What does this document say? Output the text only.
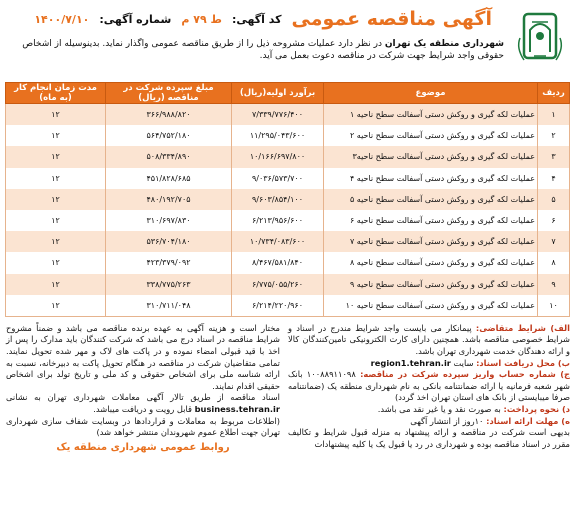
آگهی مناقصه عمومی
کد آگهی:
ط ۷۹ م
شماره آگهی:
۱۴۰۰/۷/۱۰
شهرداری منطقه یک تهران در نظر دارد عملیات مشروحه ذیل را از طریق مناقصه عمومی واگذار نماید. بدینوسیله از اشخاص حقوقی واجد شرایط جهت شرکت در مناقصه دعوت بعمل می آید.
ردیف	موضوع	برآورد اولیه(ریال)	مبلغ سپرده شرکت در مناقصه (ریال)	مدت زمان انجام کار (به ماه)
۱	عملیات لکه گیری و روکش دستی آسفالت سطح ناحیه ۱	۷/۳۳۹/۷۷۶/۴۰۰	۳۶۶/۹۸۸/۸۲۰	۱۲
۲	عملیات لکه گیری و روکش دستی آسفالت سطح ناحیه ۲	۱۱/۲۹۵/۰۴۳/۶۰۰	۵۶۴/۷۵۲/۱۸۰	۱۲
۳	عملیات لکه گیری و روکش دستی آسفالت سطح ناحیه۳	۱۰/۱۶۶/۶۹۷/۸۰۰	۵۰۸/۳۳۴/۸۹۰	۱۲
۴	عملیات لکه گیری و روکش دستی آسفالت سطح ناحیه ۴	۹/۰۳۶/۵۷۳/۷۰۰	۴۵۱/۸۲۸/۶۸۵	۱۲
۵	عملیات لکه گیری و روکش دستی آسفالت سطح ناحیه ۵	۹/۶۰۳/۸۵۴/۱۰۰	۴۸۰/۱۹۲/۷۰۵	۱۲
۶	عملیات لکه گیری و روکش دستی آسفالت سطح ناحیه ۶	۶/۲۱۳/۹۵۶/۶۰۰	۳۱۰/۶۹۷/۸۳۰	۱۲
۷	عملیات لکه گیری و روکش دستی آسفالت سطح ناحیه ۷	۱۰/۷۳۴/۰۸۳/۶۰۰	۵۳۶/۷۰۴/۱۸۰	۱۲
۸	عملیات لکه گیری و روکش دستی آسفالت سطح ناحیه ۸	۸/۴۶۷/۵۸۱/۸۴۰	۴۲۳/۳۷۹/۰۹۲	۱۲
۹	عملیات لکه گیری و روکش دستی آسفالت سطح ناحیه ۹	۶/۷۷۵/۰۵۵/۲۶۰	۳۳۸/۷۷۵/۲۶۳	۱۲
۱۰	عملیات لکه گیری و روکش دستی آسفالت سطح ناحیه ۱۰	۶/۲۱۴/۲۲۰/۹۶۰	۳۱۰/۷۱۱/۰۴۸	۱۲
الف) شرایط متقاضی: پیمانکار می بایست واجد شرایط مندرج در اسناد و شرایط خصوصی مناقصه باشد. همچنین دارای کارت الکترونیکی تامین‌کنندگان کالا و ارائه دهندگان خدمت شهرداری تهران باشد.
ب) محل دریافت اسناد: سایت region1.tehran.ir
ج) شماره حساب واریز سپرده شرکت در مناقصه: ۱۰۰۸۸۹۱۱۰۹۸ بانک شهر شعبه فرمانیه یا ارائه ضمانتنامه بانکی به نام شهرداری منطقه یک (ضمانتنامه صرفا میبایستی از بانک های استان تهران اخذ گردد)
د) نحوه پرداخت: به صورت نقد و یا غیر نقد می باشد.
ه) مهلت ارائه اسناد: ۱۰روز از انتشار آگهی
بدیهی است شرکت در مناقصه و ارائه پیشنهاد به منزله قبول شرایط و تکالیف مقرر در اسناد مناقصه بوده و شهرداری در رد یا قبول یک یا کلیه پیشنهادات
مختار است و هزینه آگهی به عهده برنده مناقصه می باشد و ضمناً مشروح شرایط مناقصه در اسناد درج می باشد که شرکت کنندگان باید مدارک را پس از اخذ با قید قبولی امضاء نموده و در پاکت های لاک و مهر شده تحویل نمایند. تمامی متقاضیان شرکت در مناقصه در هنگام تحویل پاکت به دبیرخانه، نسبت به ارائه شناسه ملی برای اشخاص حقوقی و کد ملی و تاریخ تولد برای اشخاص حقیقی اقدام نمایند.
اسناد مناقصه از طریق تالار آگهی معاملات شهرداری تهران به نشانی business.tehran.ir قابل رویت و دریافت میباشد.
(اطلاعات مربوط به معاملات و قراردادها در وبسایت شفاف سازی شهرداری تهران جهت اطلاع عموم شهروندان منتشر خواهد شد)
روابط عمومی شهرداری منطقه یک
